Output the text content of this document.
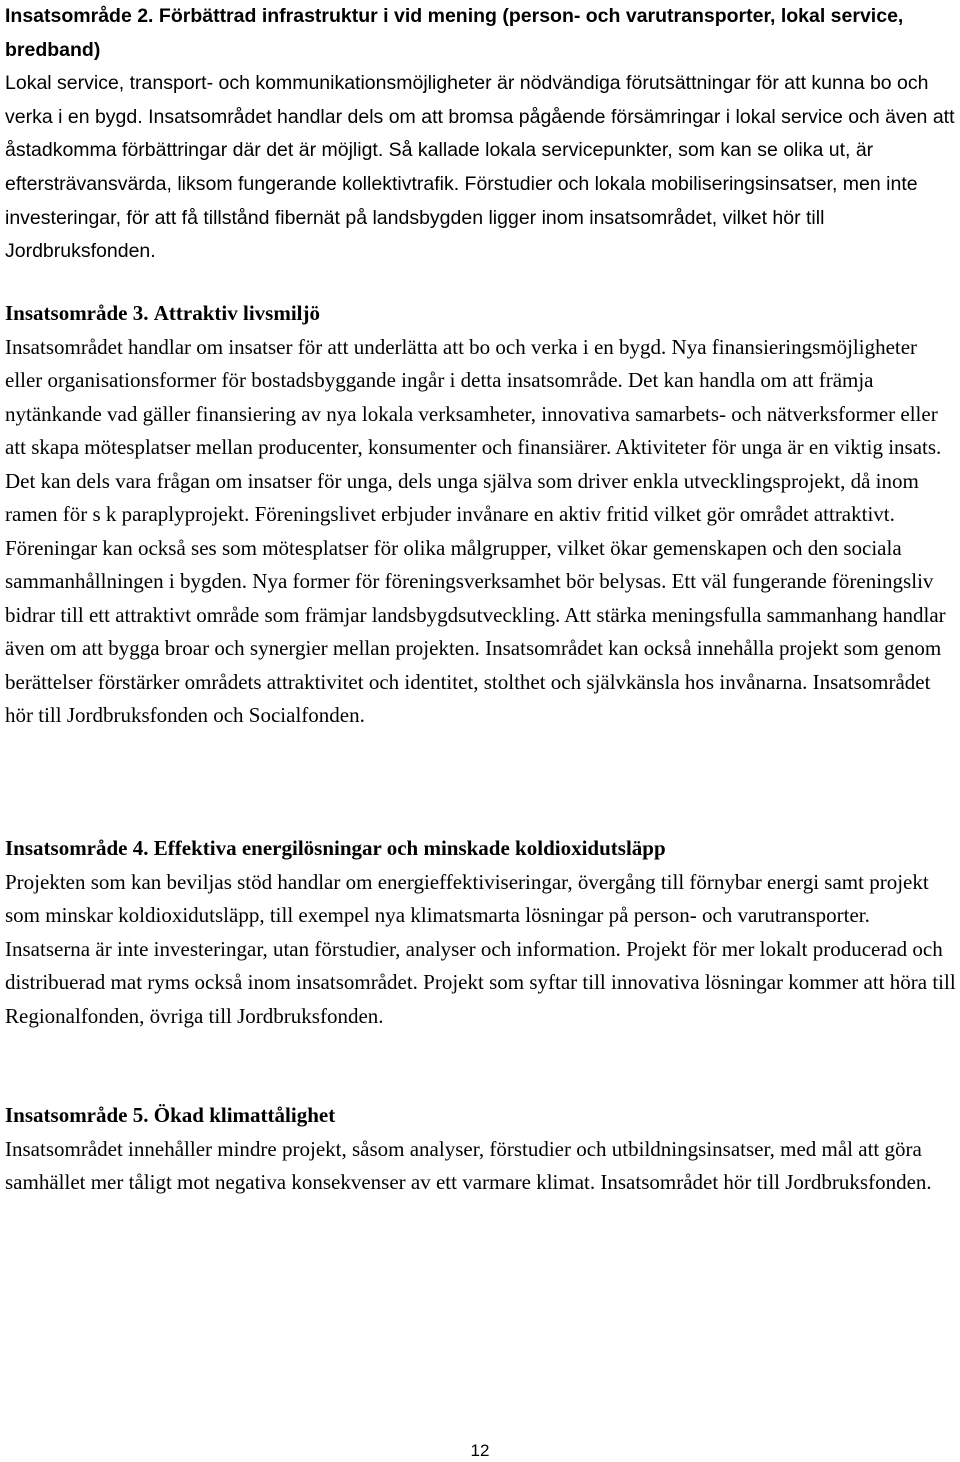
Insatsområde 2. Förbättrad infrastruktur i vid mening (person- och varutransporter, lokal service, bredband)
Lokal service, transport- och kommunikationsmöjligheter är nödvändiga förutsättningar för att kunna bo och verka i en bygd. Insatsområdet handlar dels om att bromsa pågående försämringar i lokal service och även att åstadkomma förbättringar där det är möjligt. Så kallade lokala servicepunkter, som kan se olika ut, är eftersträvansvärda, liksom fungerande kollektivtrafik. Förstudier och lokala mobiliseringsinsatser, men inte investeringar, för att få tillstånd fibernät på landsbygden ligger inom insatsområdet, vilket hör till Jordbruksfonden.
Insatsområde 3. Attraktiv livsmiljö
Insatsområdet handlar om insatser för att underlätta att bo och verka i en bygd. Nya finansieringsmöjligheter eller organisationsformer för bostadsbyggande ingår i detta insatsområde. Det kan handla om att främja nytänkande vad gäller finansiering av nya lokala verksamheter, innovativa samarbets- och nätverksformer eller att skapa mötesplatser mellan producenter, konsumenter och finansiärer. Aktiviteter för unga är en viktig insats. Det kan dels vara frågan om insatser för unga, dels unga själva som driver enkla utvecklingsprojekt, då inom ramen för s k paraplyprojekt. Föreningslivet erbjuder invånare en aktiv fritid vilket gör området attraktivt. Föreningar kan också ses som mötesplatser för olika målgrupper, vilket ökar gemenskapen och den sociala sammanhållningen i bygden. Nya former för föreningsverksamhet bör belysas. Ett väl fungerande föreningsliv bidrar till ett attraktivt område som främjar landsbygdsutveckling. Att stärka meningsfulla sammanhang handlar även om att bygga broar och synergier mellan projekten. Insatsområdet kan också innehålla projekt som genom berättelser förstärker områdets attraktivitet och identitet, stolthet och självkänsla hos invånarna. Insatsområdet hör till Jordbruksfonden och Socialfonden.
Insatsområde 4. Effektiva energilösningar och minskade koldioxidutsläpp
Projekten som kan beviljas stöd handlar om energieffektiviseringar, övergång till förnybar energi samt projekt som minskar koldioxidutsläpp, till exempel nya klimatsmarta lösningar på person- och varutransporter. Insatserna är inte investeringar, utan förstudier, analyser och information. Projekt för mer lokalt producerad och distribuerad mat ryms också inom insatsområdet. Projekt som syftar till innovativa lösningar kommer att höra till Regionalfonden, övriga till Jordbruksfonden.
Insatsområde 5. Ökad klimattålighet
Insatsområdet innehåller mindre projekt, såsom analyser, förstudier och utbildningsinsatser, med mål att göra samhället mer tåligt mot negativa konsekvenser av ett varmare klimat. Insatsområdet hör till Jordbruksfonden.
12
